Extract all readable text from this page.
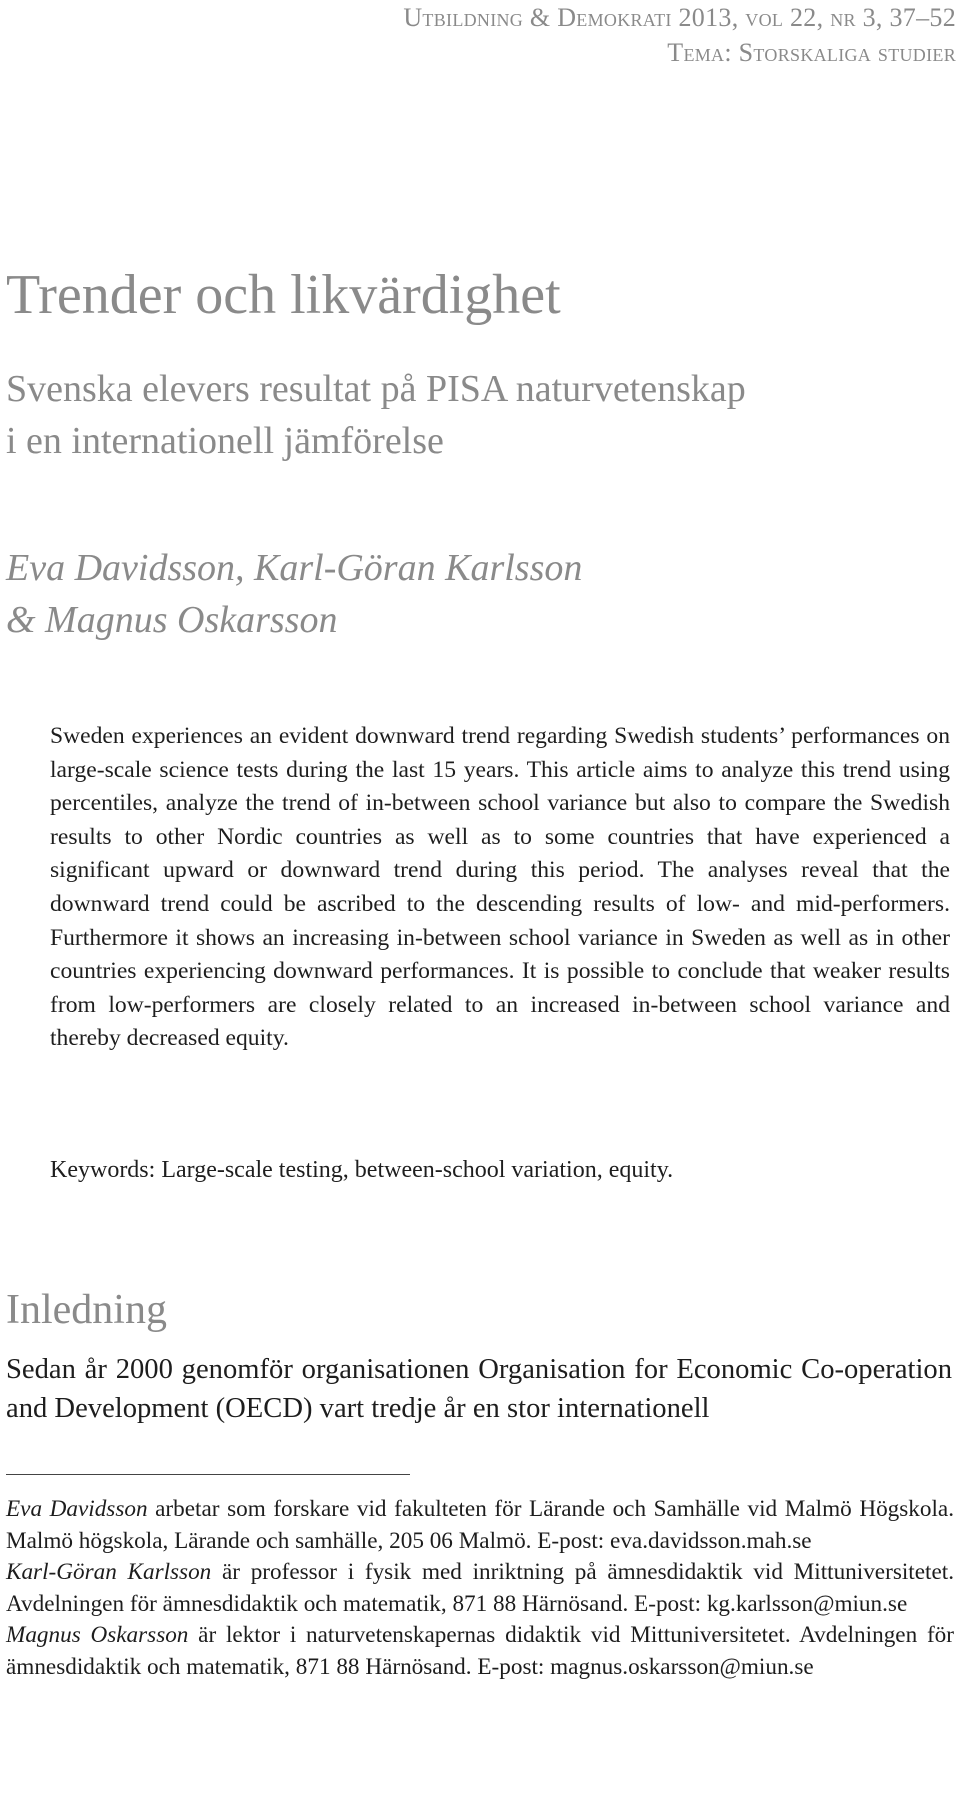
Utbildning & Demokrati 2013, vol 22, nr 3, 37–52
Tema: Storskaliga studier
Trender och likvärdighet
Svenska elevers resultat på PISA naturvetenskap
i en internationell jämförelse
Eva Davidsson, Karl-Göran Karlsson
& Magnus Oskarsson

Sweden experiences an evident downward trend regarding Swedish students’ performances on large-scale science tests during the last 15 years. This article aims to analyze this trend using percentiles, analyze the trend of in-between school variance but also to compare the Swedish results to other Nordic countries as well as to some countries that have experienced a significant upward or downward trend during this period. The analyses reveal that the downward trend could be ascribed to the descending results of low- and mid-performers. Furthermore it shows an increasing in-between school variance in Sweden as well as in other countries experiencing downward performances. It is possible to conclude that weaker results from low-performers are closely related to an increased in-between school variance and thereby decreased equity.

Keywords: Large-scale testing, between-school variation, equity.

Inledning

Sedan år 2000 genomför organisationen Organisation for Economic Co-operation and Development (OECD) vart tredje år en stor internationell

Eva Davidsson arbetar som forskare vid fakulteten för Lärande och Samhälle vid Malmö Högskola. Malmö högskola, Lärande och samhälle, 205 06 Malmö. E-post: eva.davidsson.mah.se

Karl-Göran Karlsson är professor i fysik med inriktning på ämnesdidaktik vid Mittuniversitetet. Avdelningen för ämnesdidaktik och matematik, 871 88 Härnösand. E-post: kg.karlsson@miun.se

Magnus Oskarsson är lektor i naturvetenskapernas didaktik vid Mittuniversitetet. Avdelningen för ämnesdidaktik och matematik, 871 88 Härnösand. E-post: magnus.oskarsson@miun.se
